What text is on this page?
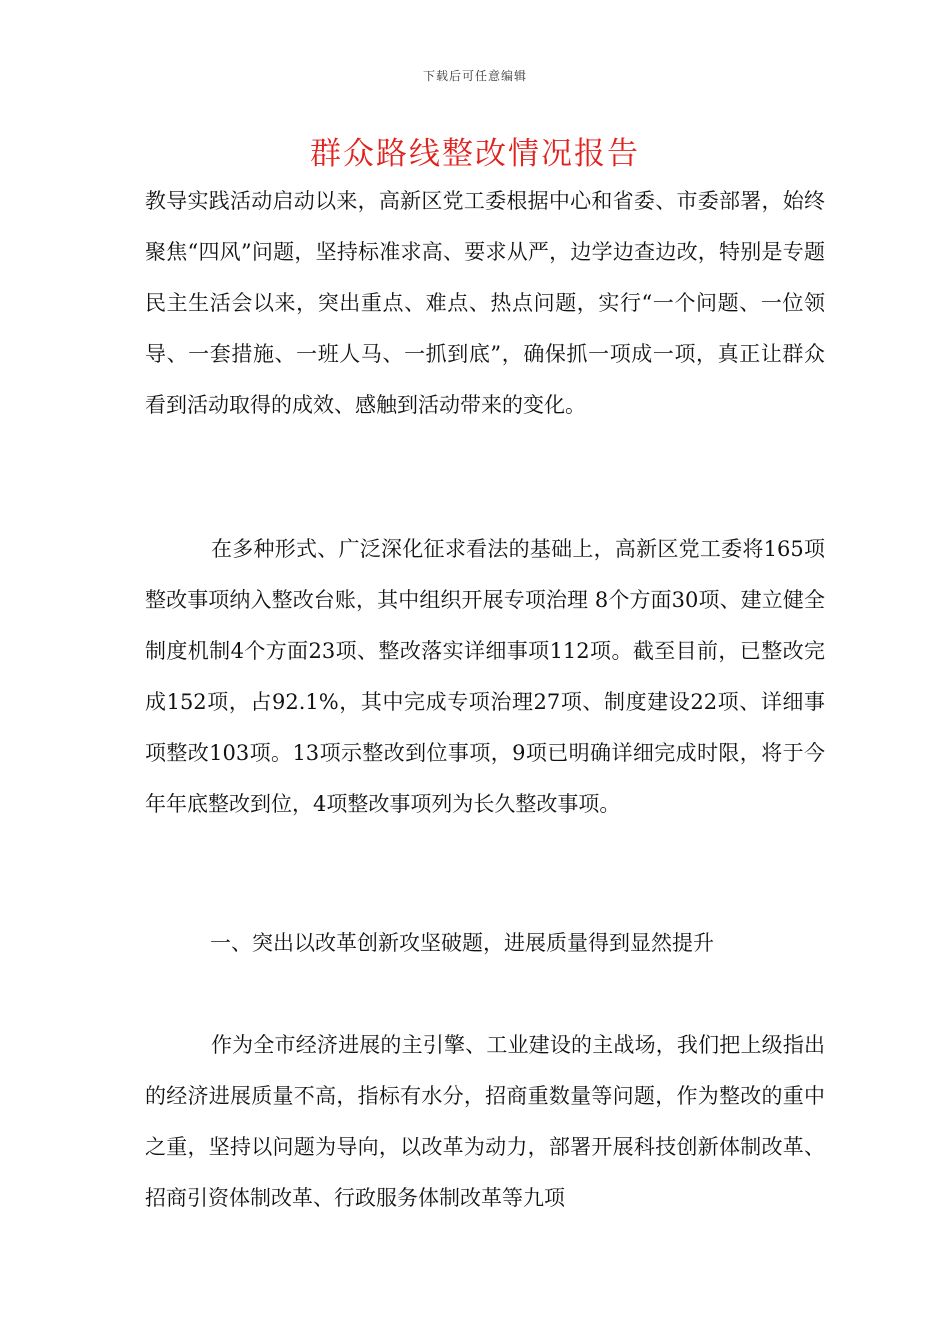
下载后可任意编辑
群众路线整改情况报告

教导实践活动启动以来，高新区党工委根据中心和省委、市委部署，始终聚焦“四风”问题，坚持标准求高、要求从严，边学边查边改，特别是专题民主生活会以来，突出重点、难点、热点问题，实行“一个问题、一位领导、一套措施、一班人马、一抓到底”，确保抓一项成一项，真正让群众看到活动取得的成效、感触到活动带来的变化。

在多种形式、广泛深化征求看法的基础上，高新区党工委将165项整改事项纳入整改台账，其中组织开展专项治理 8个方面30项、建立健全制度机制4个方面23项、整改落实详细事项112项。截至目前，已整改完成152项，占92.1%，其中完成专项治理27项、制度建设22项、详细事项整改103项。13项示整改到位事项，9项已明确详细完成时限，将于今年年底整改到位，4项整改事项列为长久整改事项。

一、突出以改革创新攻坚破题，进展质量得到显然提升

作为全市经济进展的主引擎、工业建设的主战场，我们把上级指出的经济进展质量不高，指标有水分，招商重数量等问题，作为整改的重中之重，坚持以问题为导向，以改革为动力，部署开展科技创新体制改革、招商引资体制改革、行政服务体制改革等九项
